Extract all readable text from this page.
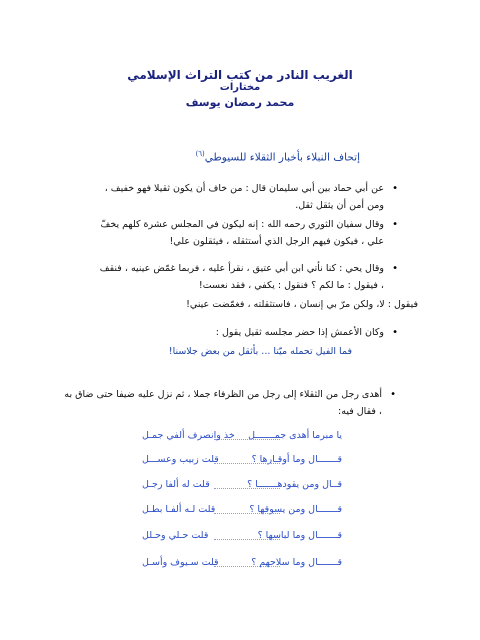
الغريب النادر من كتب التراث الإسلامي
مختارات
محمد رمضان يوسف
إتحاف النبلاء بأخبار الثقلاء للسيوطي$^{(٦)}$
•
عن أبي حماد بين أبي سليمان قال : من خاف أن يكون ثقيلا فهو خفيف ، ومن أمن أن يثقل ثقل.
•
وقال سفيان الثوري رحمه الله : إنه ليكون في المجلس عشرة كلهم يخفّ علي ، فيكون فيهم الرجل الذي أستثقله ، فيثقلون علي!
•
وقال يحي : كنا نأتي ابن أبي عتيق ، نقرأ عليه ، فربما غمّض عينيه ، فنقف ، فيقول : ما لكم ؟ فنقول : يكفي ، فقد نعست!
فيقول : لا، ولكن مرّ بي إنسان ، فاستثقلته ، فغمّضت عيني!
•
وكان الأعمش إذا حضر مجلسه ثقيل يقول :
فما الفيل تحمله ميّتا ... بأثقل من بعض جلاسنا!
•
أهدى رجل من الثقلاء إلى رجل من الظرفاء جملا ، ثم نزل عليه ضيفا حتى ضاق به ، فقال فيه:
يا مبرما أهدى جمـــــــل
خذ وانصرف ألفي جمـل
قـــــــال وما أوقـارها ؟
قلت زبيب وعســـل
قــال ومن يقودهـــــــا ؟
قلت له ألفا رجـل
قـــــــال ومن يسوقها ؟
قلت لـه ألفـا بطـل
قـــــــال وما لباسها ؟
قلت حـلي وحـلل
قـــــــال وما سلاحهم ؟
قلت سـيوف وأسـل
